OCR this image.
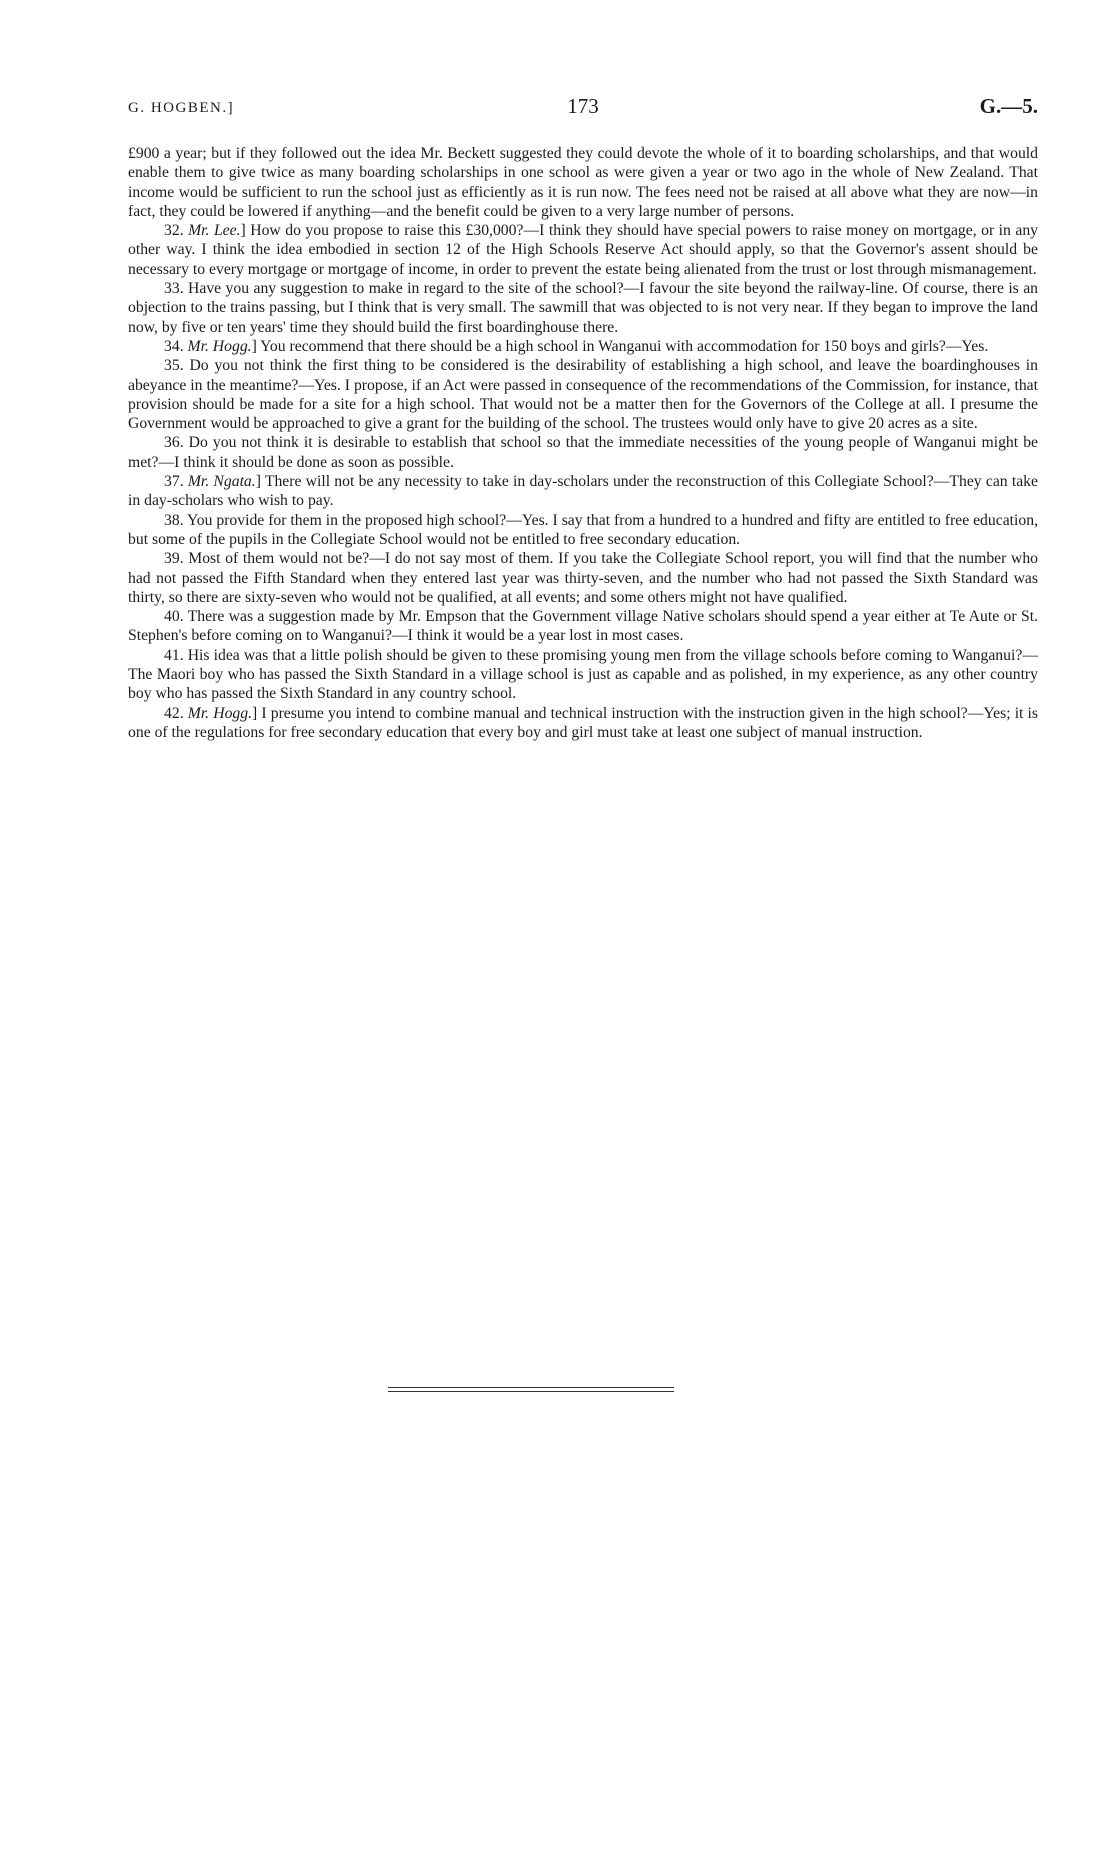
G. HOGBEN.]	173	G.—5.

£900 a year; but if they followed out the idea Mr. Beckett suggested they could devote the whole of it to boarding scholarships, and that would enable them to give twice as many boarding scholarships in one school as were given a year or two ago in the whole of New Zealand. That income would be sufficient to run the school just as efficiently as it is run now. The fees need not be raised at all above what they are now—in fact, they could be lowered if anything—and the benefit could be given to a very large number of persons.

32. Mr. Lee.] How do you propose to raise this £30,000?—I think they should have special powers to raise money on mortgage, or in any other way. I think the idea embodied in section 12 of the High Schools Reserve Act should apply, so that the Governor's assent should be necessary to every mortgage or mortgage of income, in order to prevent the estate being alienated from the trust or lost through mismanagement.

33. Have you any suggestion to make in regard to the site of the school?—I favour the site beyond the railway-line. Of course, there is an objection to the trains passing, but I think that is very small. The sawmill that was objected to is not very near. If they began to improve the land now, by five or ten years' time they should build the first boardinghouse there.

34. Mr. Hogg.] You recommend that there should be a high school in Wanganui with accommodation for 150 boys and girls?—Yes.

35. Do you not think the first thing to be considered is the desirability of establishing a high school, and leave the boardinghouses in abeyance in the meantime?—Yes. I propose, if an Act were passed in consequence of the recommendations of the Commission, for instance, that provision should be made for a site for a high school. That would not be a matter then for the Governors of the College at all. I presume the Government would be approached to give a grant for the building of the school. The trustees would only have to give 20 acres as a site.

36. Do you not think it is desirable to establish that school so that the immediate necessities of the young people of Wanganui might be met?—I think it should be done as soon as possible.

37. Mr. Ngata.] There will not be any necessity to take in day-scholars under the reconstruction of this Collegiate School?—They can take in day-scholars who wish to pay.

38. You provide for them in the proposed high school?—Yes. I say that from a hundred to a hundred and fifty are entitled to free education, but some of the pupils in the Collegiate School would not be entitled to free secondary education.

39. Most of them would not be?—I do not say most of them. If you take the Collegiate School report, you will find that the number who had not passed the Fifth Standard when they entered last year was thirty-seven, and the number who had not passed the Sixth Standard was thirty, so there are sixty-seven who would not be qualified, at all events; and some others might not have qualified.

40. There was a suggestion made by Mr. Empson that the Government village Native scholars should spend a year either at Te Aute or St. Stephen's before coming on to Wanganui?—I think it would be a year lost in most cases.

41. His idea was that a little polish should be given to these promising young men from the village schools before coming to Wanganui?—The Maori boy who has passed the Sixth Standard in a village school is just as capable and as polished, in my experience, as any other country boy who has passed the Sixth Standard in any country school.

42. Mr. Hogg.] I presume you intend to combine manual and technical instruction with the instruction given in the high school?—Yes; it is one of the regulations for free secondary education that every boy and girl must take at least one subject of manual instruction.
